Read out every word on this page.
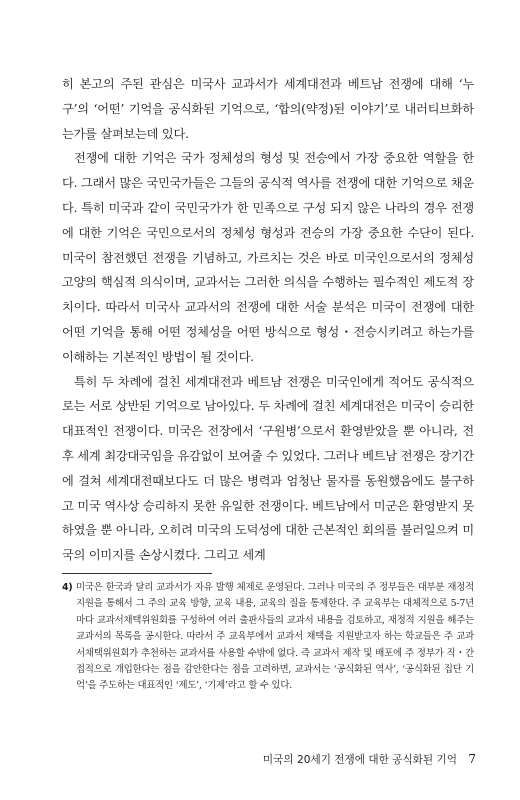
히 본고의 주된 관심은 미국사 교과서가 세계대전과 베트남 전쟁에 대해 ‘누구’의 ‘어떤’ 기억을 공식화된 기억으로, ‘합의(약정)된 이야기’로 내러티브화하는가를 살펴보는데 있다.

전쟁에 대한 기억은 국가 정체성의 형성 및 전승에서 가장 중요한 역할을 한다. 그래서 많은 국민국가들은 그들의 공식적 역사를 전쟁에 대한 기억으로 채운다. 특히 미국과 같이 국민국가가 한 민족으로 구성 되지 않은 나라의 경우 전쟁에 대한 기억은 국민으로서의 정체성 형성과 전승의 가장 중요한 수단이 된다. 미국이 참전했던 전쟁을 기념하고, 가르치는 것은 바로 미국인으로서의 정체성 고양의 핵심적 의식이며, 교과서는 그러한 의식을 수행하는 필수적인 제도적 장치이다. 따라서 미국사 교과서의 전쟁에 대한 서술 분석은 미국이 전쟁에 대한 어떤 기억을 통해 어떤 정체성을 어떤 방식으로 형성・전승시키려고 하는가를 이해하는 기본적인 방법이 될 것이다.

특히 두 차례에 걸친 세계대전과 베트남 전쟁은 미국인에게 적어도 공식적으로는 서로 상반된 기억으로 남아있다. 두 차례에 걸친 세계대전은 미국이 승리한 대표적인 전쟁이다. 미국은 전장에서 ‘구원병’으로서 환영받았을 뿐 아니라, 전후 세계 최강대국임을 유감없이 보여줄 수 있었다. 그러나 베트남 전쟁은 장기간에 걸쳐 세계대전때보다도 더 많은 병력과 엄청난 물자를 동원했음에도 불구하고 미국 역사상 승리하지 못한 유일한 전쟁이다. 베트남에서 미군은 환영받지 못하였을 뿐 아니라, 오히려 미국의 도덕성에 대한 근본적인 회의를 불러일으켜 미국의 이미지를 손상시켰다. 그리고 세계

4) 미국은 한국과 달리 교과서가 자유 발행 체제로 운영된다. 그러나 미국의 주 정부들은 대부분 재정적 지원을 통해서 그 주의 교육 방향, 교육 내용, 교육의 질을 통제한다. 주 교육부는 대체적으로 5-7년마다 교과서채택위원회를 구성하여 여러 출판사들의 교과서 내용을 검토하고, 재정적 지원을 해주는 교과서의 목록을 공시한다. 따라서 주 교육부에서 교과서 채택을 지원받고자 하는 학교들은 주 교과서채택위원회가 추천하는 교과서를 사용할 수밖에 없다. 즉 교과서 제작 및 배포에 주 정부가 직・간접적으로 개입한다는 점을 감안한다는 점을 고려하면, 교과서는 ‘공식화된 역사’, ‘공식화된 집단 기억’을 주도하는 대표적인 ‘제도’, ‘기제’라고 할 수 있다.
미국의 20세기 전쟁에 대한 공식화된 기억 7
